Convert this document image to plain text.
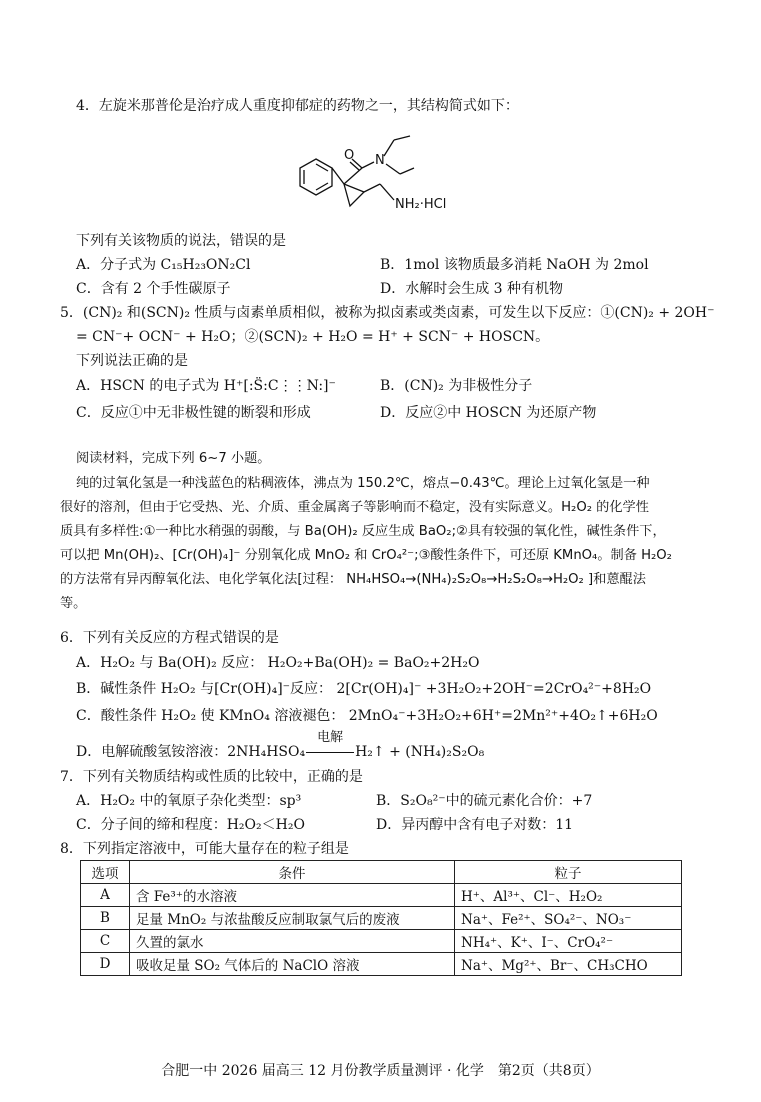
4．左旋米那普伦是治疗成人重度抑郁症的药物之一，其结构简式如下：
O N
NH₂·HCl
下列有关该物质的说法，错误的是
A．分子式为 C₁₅H₂₃ON₂Cl	B．1mol 该物质最多消耗 NaOH 为 2mol
C．含有 2 个手性碳原子	D．水解时会生成 3 种有机物
5．(CN)₂ 和(SCN)₂ 性质与卤素单质相似，被称为拟卤素或类卤素，可发生以下反应：①(CN)₂ + 2OH⁻
= CN⁻+ OCN⁻ + H₂O；②(SCN)₂ + H₂O = H⁺ + SCN⁻ + HOSCN。
下列说法正确的是
A．HSCN 的电子式为 H⁺[:S̈:C⋮⋮N:]⁻	B．(CN)₂ 为非极性分子
C．反应①中无非极性键的断裂和形成	D．反应②中 HOSCN 为还原产物
阅读材料，完成下列 6~7 小题。
纯的过氧化氢是一种浅蓝色的粘稠液体，沸点为 150.2℃，熔点−0.43℃。理论上过氧化氢是一种
很好的溶剂，但由于它受热、光、介质、重金属离子等影响而不稳定，没有实际意义。H₂O₂ 的化学性
质具有多样性:①一种比水稍强的弱酸，与 Ba(OH)₂ 反应生成 BaO₂;②具有较强的氧化性，碱性条件下，
可以把 Mn(OH)₂、[Cr(OH)₄]⁻ 分别氧化成 MnO₂ 和 CrO₄²⁻;③酸性条件下，可还原 KMnO₄。制备 H₂O₂
的方法常有异丙醇氧化法、电化学氧化法[过程： NH₄HSO₄→(NH₄)₂S₂O₈→H₂S₂O₈→H₂O₂ ]和蒽醌法
等。
6．下列有关反应的方程式错误的是
A．H₂O₂ 与 Ba(OH)₂ 反应： H₂O₂+Ba(OH)₂ = BaO₂+2H₂O
B．碱性条件 H₂O₂ 与[Cr(OH)₄]⁻反应： 2[Cr(OH)₄]⁻ +3H₂O₂+2OH⁻=2CrO₄²⁻+8H₂O
C．酸性条件 H₂O₂ 使 KMnO₄ 溶液褪色： 2MnO₄⁻+3H₂O₂+6H⁺=2Mn²⁺+4O₂↑+6H₂O
D．电解硫酸氢铵溶液：2NH₄HSO₄
电解
H₂↑ + (NH₄)₂S₂O₈
7．下列有关物质结构或性质的比较中，正确的是
A．H₂O₂ 中的氧原子杂化类型：sp³	B．S₂O₈²⁻中的硫元素化合价：+7
C．分子间的缔和程度：H₂O₂＜H₂O	D．异丙醇中含有电子对数：11
8．下列指定溶液中，可能大量存在的粒子组是
选项	条件	粒子
A	含 Fe³⁺的水溶液	H⁺、Al³⁺、Cl⁻、H₂O₂
B	足量 MnO₂ 与浓盐酸反应制取氯气后的废液	Na⁺、Fe²⁺、SO₄²⁻、NO₃⁻
C	久置的氯水	NH₄⁺、K⁺、I⁻、CrO₄²⁻
D	吸收足量 SO₂ 气体后的 NaClO 溶液	Na⁺、Mg²⁺、Br⁻、CH₃CHO
合肥一中 2026 届高三 12 月份教学质量测评 · 化学　第2页（共8页）
